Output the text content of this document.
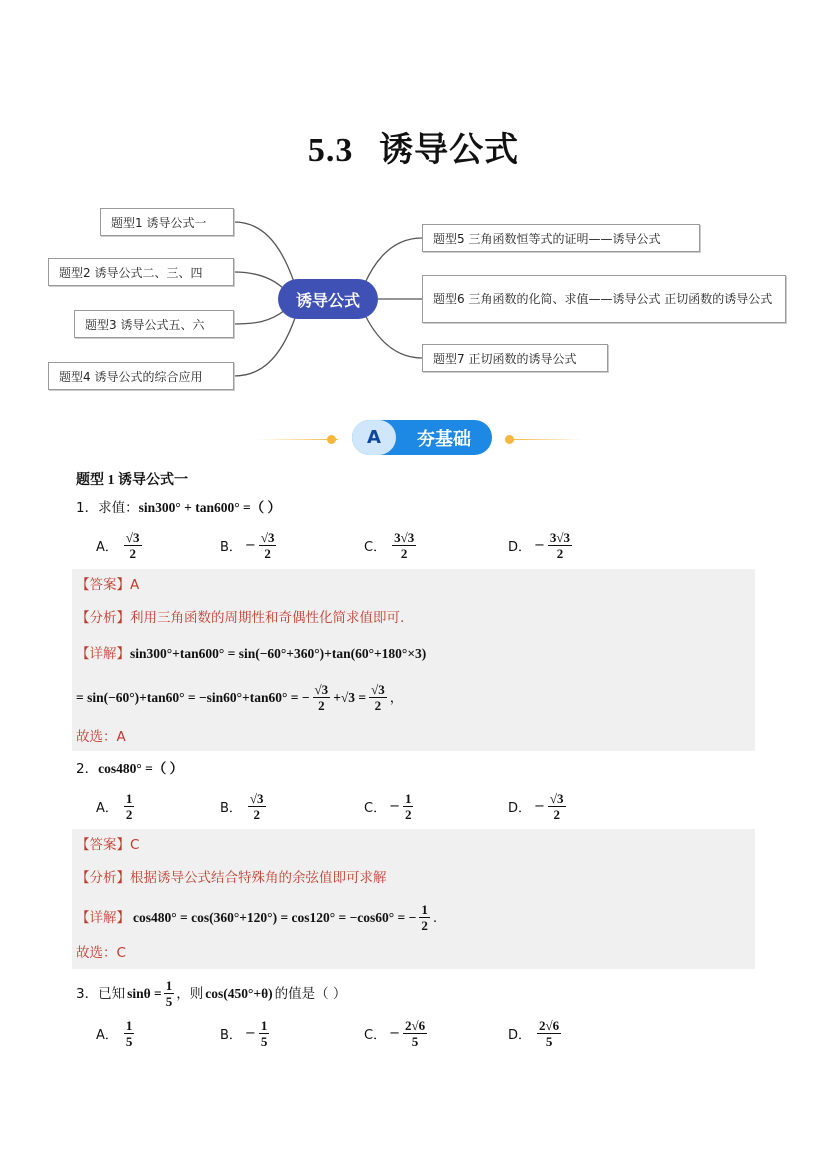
5.3 诱导公式
题型1 诱导公式一
题型2 诱导公式二、三、四
题型3 诱导公式五、六
题型4 诱导公式的综合应用
诱导公式
题型5 三角函数恒等式的证明——诱导公式
题型6 三角函数的化简、求值——诱导公式 正切函数的诱导公式
题型7 正切函数的诱导公式
A	夯基础
题型 1 诱导公式一
1．求值：sin300° + tan600° =（ ）
A． $\frac{√3}{2}$	B． − $\frac{√3}{2}$	C． $\frac{3√3}{2}$	D． − $\frac{3√3}{2}$
【答案】A
【分析】利用三角函数的周期性和奇偶性化简求值即可.
【详解】sin300°+tan600° = sin(−60°+360°)+tan(60°+180°×3)
= sin(−60°)+tan60° = −sin60°+tan60° = − $\frac{√3}{2} +√3 = \frac{√3}{2}$ ，
故选：A
2．cos480° =（ ）
A． $\frac{1}{2}$	B． $\frac{√3}{2}$	C． − $\frac{1}{2}$	D． − $\frac{√3}{2}$
【答案】C
【分析】根据诱导公式结合特殊角的余弦值即可求解
【详解】 cos480° = cos(360°+120°) = cos120° = −cos60° = − $\frac{1}{2}$ .
故选：C
3．已知 $\sin\theta = \frac{1}{5}$ ，则 cos(450°+θ) 的值是（ ）
A． $\frac{1}{5}$	B． − $\frac{1}{5}$	C． − $\frac{2√6}{5}$	D． $\frac{2√6}{5}$
